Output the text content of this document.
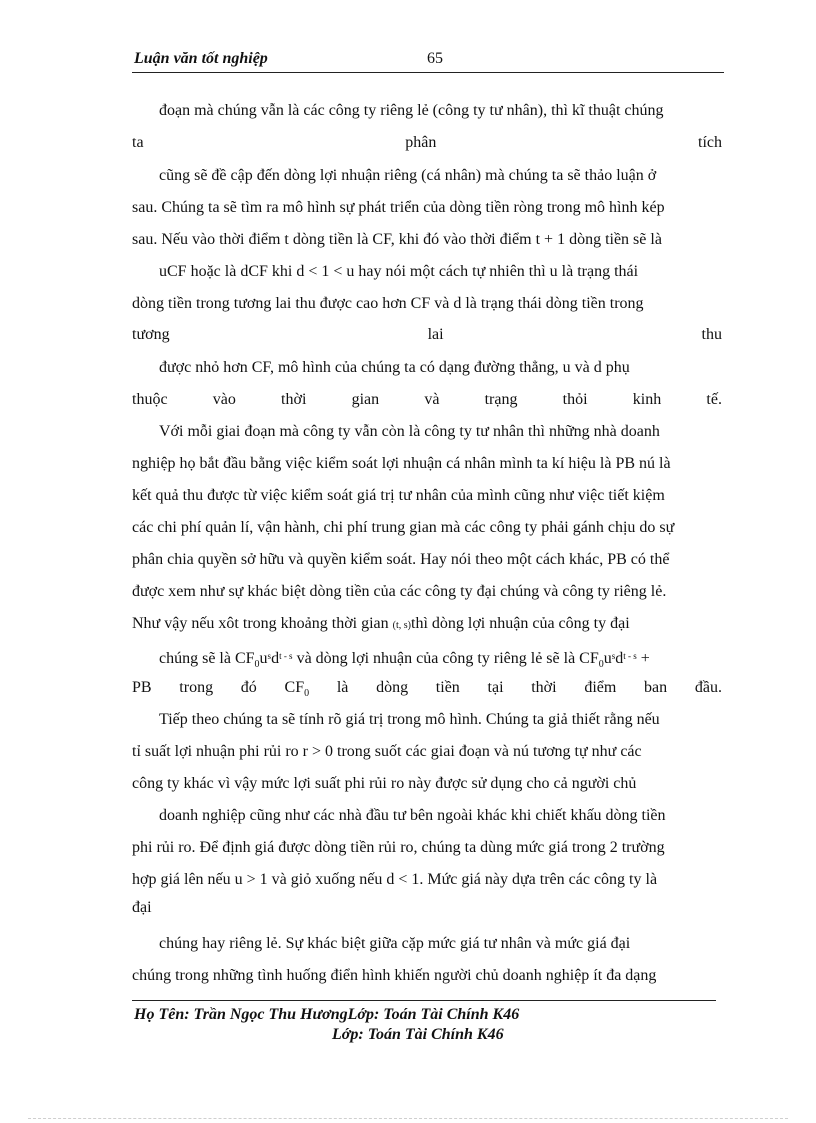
Luận văn tốt nghiệp	65
đoạn mà chúng vẫn là các công ty riêng lẻ (công ty tư nhân), thì kĩ thuật chúng
ta	phân	tích
cũng sẽ đề cập đến dòng lợi nhuận riêng (cá nhân) mà chúng ta sẽ thảo luận ở
sau. Chúng ta sẽ tìm ra mô hình sự phát triển của dòng tiền ròng trong mô hình kép
sau. Nếu vào thời điểm t dòng tiền là CF, khi đó vào thời điểm t + 1 dòng tiền sẽ là
uCF hoặc là dCF khi d < 1 < u hay nói một cách tự nhiên thì u là trạng thái
dòng tiền trong tương lai thu được cao hơn CF và d là trạng thái dòng tiền trong
tương	lai	thu
được nhỏ hơn CF, mô hình của chúng ta có dạng đường thẳng, u và d phụ
thuộc	vào	thời	gian	và	trạng	thỏi	kinh	tế.
Với mỗi giai đoạn mà công ty vẫn còn là công ty tư nhân thì những nhà doanh
nghiệp họ bắt đầu bằng việc kiểm soát lợi nhuận cá nhân mình ta kí hiệu là PB nú là
kết quả thu được từ việc kiểm soát giá trị tư nhân của mình cũng như việc tiết kiệm
các chi phí quản lí, vận hành, chi phí trung gian mà các công ty phải gánh chịu do sự
phân chia quyền sở hữu và quyền kiểm soát. Hay nói theo một cách khác, PB có thể
được xem như sự khác biệt dòng tiền của các công ty đại chúng và công ty riêng lẻ.
Như vậy nếu xôt trong khoảng thời gian (t, s)thì dòng lợi nhuận của công ty đại
chúng sẽ là $CF_0u^sd^{t - s}$ và dòng lợi nhuận của công ty riêng lẻ sẽ là $CF_0u^sd^{t - s}$ +
PB trong đó $CF_0$ là dòng tiền tại thời điểm ban đầu.
Tiếp theo chúng ta sẽ tính rõ giá trị trong mô hình. Chúng ta giả thiết rằng nếu
tỉ suất lợi nhuận phi rủi ro r > 0 trong suốt các giai đoạn và nú tương tự như các
công ty khác vì vậy mức lợi suất phi rủi ro này được sử dụng cho cả người chủ
doanh nghiệp cũng như các nhà đầu tư bên ngoài khác khi chiết khấu dòng tiền
phi rủi ro. Để định giá được dòng tiền rủi ro, chúng ta dùng mức giá trong 2 trường
hợp giá lên nếu u > 1 và giỏ xuống nếu d < 1. Mức giá này dựa trên các công ty là
đại
chúng hay riêng lẻ. Sự khác biệt giữa cặp mức giá tư nhân và mức giá đại
chúng trong những tình huống điển hình khiến người chủ doanh nghiệp ít đa dạng
Họ Tên: Trần Ngọc Thu HươngLớp: Toán Tài Chính K46
Lớp: Toán Tài Chính K46
